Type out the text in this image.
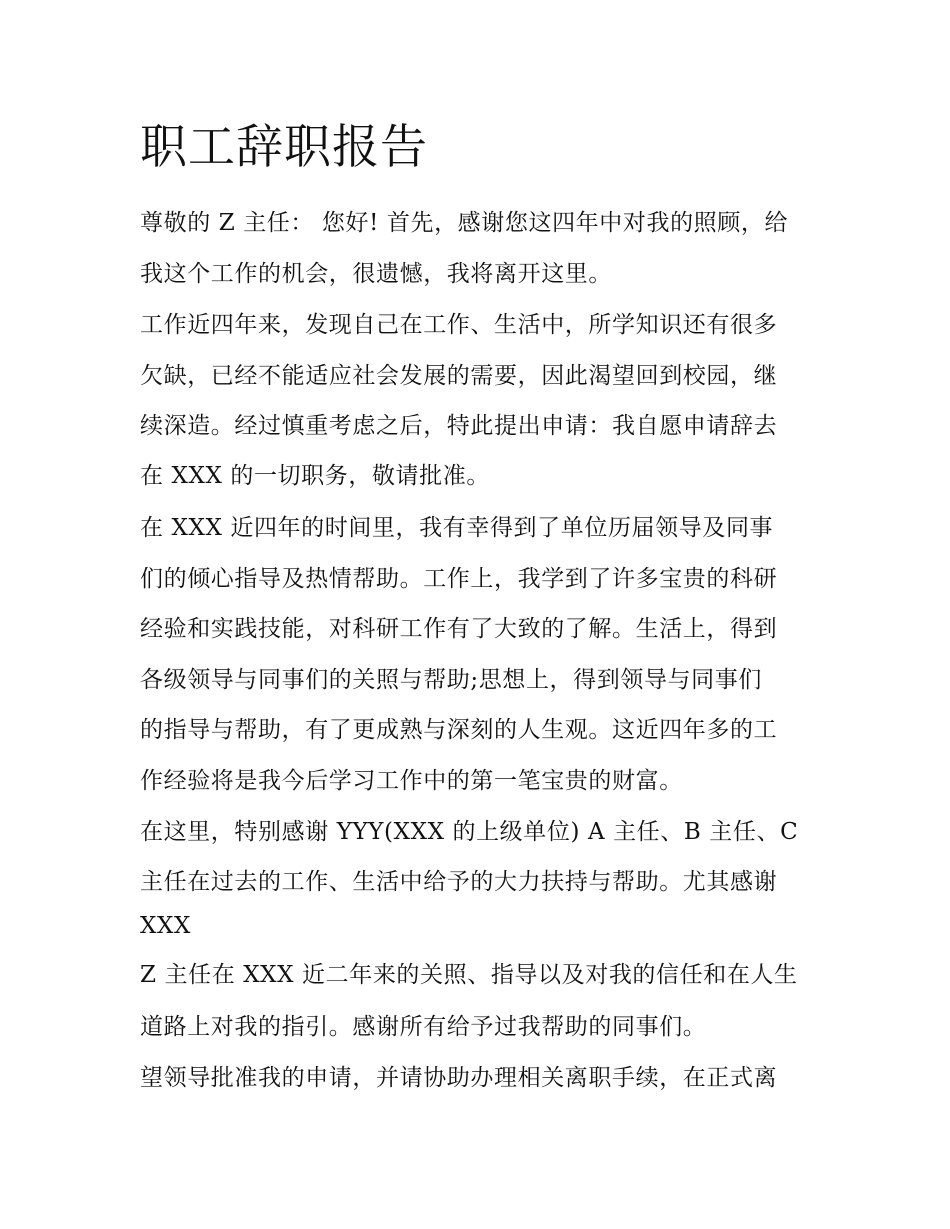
职工辞职报告
尊敬的 Z 主任： 您好! 首先，感谢您这四年中对我的照顾，给
我这个工作的机会，很遗憾，我将离开这里。
工作近四年来，发现自己在工作、生活中，所学知识还有很多
欠缺，已经不能适应社会发展的需要，因此渴望回到校园，继
续深造。经过慎重考虑之后，特此提出申请：我自愿申请辞去
在 XXX 的一切职务，敬请批准。
在 XXX 近四年的时间里，我有幸得到了单位历届领导及同事
们的倾心指导及热情帮助。工作上，我学到了许多宝贵的科研
经验和实践技能，对科研工作有了大致的了解。生活上，得到
各级领导与同事们的关照与帮助;思想上，得到领导与同事们
的指导与帮助，有了更成熟与深刻的人生观。这近四年多的工
作经验将是我今后学习工作中的第一笔宝贵的财富。
在这里，特别感谢 YYY(XXX 的上级单位) A 主任、B 主任、C
主任在过去的工作、生活中给予的大力扶持与帮助。尤其感谢
XXX
Z 主任在 XXX 近二年来的关照、指导以及对我的信任和在人生
道路上对我的指引。感谢所有给予过我帮助的同事们。
望领导批准我的申请，并请协助办理相关离职手续，在正式离
